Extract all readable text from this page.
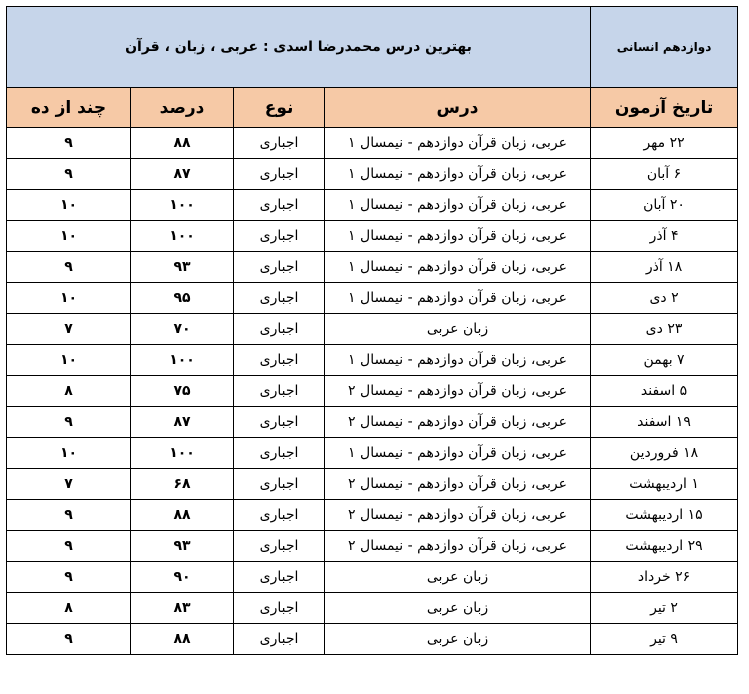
دوازدهم انسانی	بهترین درس محمدرضا اسدی : عربی ، زبان ، قرآن			
تاریخ آزمون	درس	نوع	درصد	چند از ده
۲۲ مهر	عربی، زبان قرآن دوازدهم - نیمسال ۱	اجباری	۸۸	۹
۶ آبان	عربی، زبان قرآن دوازدهم - نیمسال ۱	اجباری	۸۷	۹
۲۰ آبان	عربی، زبان قرآن دوازدهم - نیمسال ۱	اجباری	۱۰۰	۱۰
۴ آذر	عربی، زبان قرآن دوازدهم - نیمسال ۱	اجباری	۱۰۰	۱۰
۱۸ آذر	عربی، زبان قرآن دوازدهم - نیمسال ۱	اجباری	۹۳	۹
۲ دی	عربی، زبان قرآن دوازدهم - نیمسال ۱	اجباری	۹۵	۱۰
۲۳ دی	زبان عربی	اجباری	۷۰	۷
۷ بهمن	عربی، زبان قرآن دوازدهم - نیمسال ۱	اجباری	۱۰۰	۱۰
۵ اسفند	عربی، زبان قرآن دوازدهم - نیمسال ۲	اجباری	۷۵	۸
۱۹ اسفند	عربی، زبان قرآن دوازدهم - نیمسال ۲	اجباری	۸۷	۹
۱۸ فروردین	عربی، زبان قرآن دوازدهم - نیمسال ۱	اجباری	۱۰۰	۱۰
۱ اردیبهشت	عربی، زبان قرآن دوازدهم - نیمسال ۲	اجباری	۶۸	۷
۱۵ اردیبهشت	عربی، زبان قرآن دوازدهم - نیمسال ۲	اجباری	۸۸	۹
۲۹ اردیبهشت	عربی، زبان قرآن دوازدهم - نیمسال ۲	اجباری	۹۳	۹
۲۶ خرداد	زبان عربی	اجباری	۹۰	۹
۲ تیر	زبان عربی	اجباری	۸۳	۸
۹ تیر	زبان عربی	اجباری	۸۸	۹
